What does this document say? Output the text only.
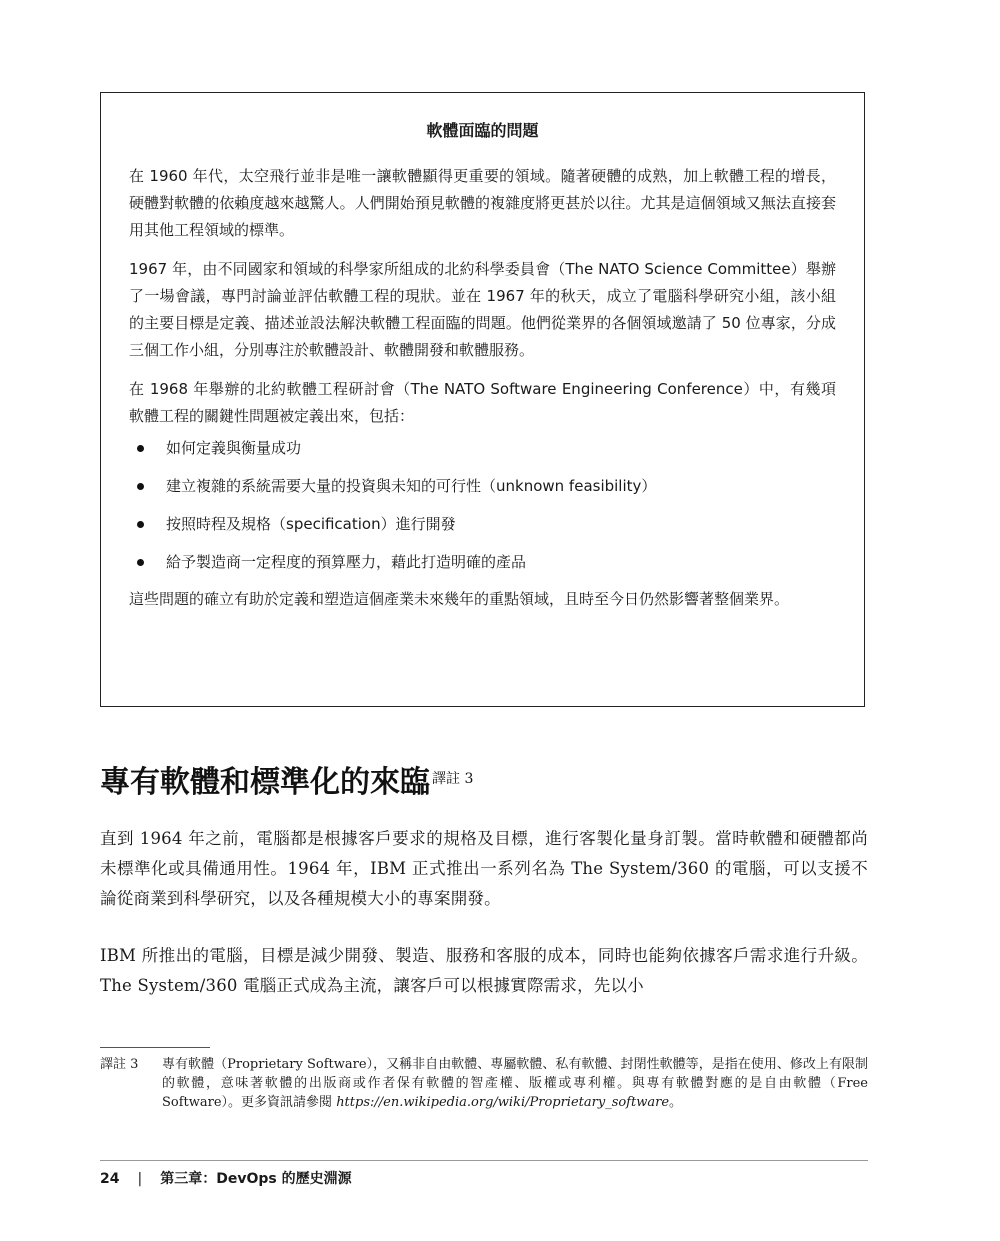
軟體面臨的問題

在 1960 年代，太空飛行並非是唯一讓軟體顯得更重要的領域。隨著硬體的成熟，加上軟體工程的增長，硬體對軟體的依賴度越來越驚人。人們開始預見軟體的複雜度將更甚於以往。尤其是這個領域又無法直接套用其他工程領域的標準。

1967 年，由不同國家和領域的科學家所組成的北約科學委員會（The NATO Science Committee）舉辦了一場會議，專門討論並評估軟體工程的現狀。並在 1967 年的秋天，成立了電腦科學研究小組，該小組的主要目標是定義、描述並設法解決軟體工程面臨的問題。他們從業界的各個領域邀請了 50 位專家，分成三個工作小組，分別專注於軟體設計、軟體開發和軟體服務。

在 1968 年舉辦的北約軟體工程研討會（The NATO Software Engineering Conference）中，有幾項軟體工程的關鍵性問題被定義出來，包括：

如何定義與衡量成功
建立複雜的系統需要大量的投資與未知的可行性（unknown feasibility）
按照時程及規格（specification）進行開發
給予製造商一定程度的預算壓力，藉此打造明確的產品

這些問題的確立有助於定義和塑造這個產業未來幾年的重點領域，且時至今日仍然影響著整個業界。

專有軟體和標準化的來臨 $^{譯註 3}$

直到 1964 年之前，電腦都是根據客戶要求的規格及目標，進行客製化量身訂製。當時軟體和硬體都尚未標準化或具備通用性。1964 年，IBM 正式推出一系列名為 The System/360 的電腦，可以支援不論從商業到科學研究，以及各種規模大小的專案開發。

IBM 所推出的電腦，目標是減少開發、製造、服務和客服的成本，同時也能夠依據客戶需求進行升級。The System/360 電腦正式成為主流，讓客戶可以根據實際需求，先以小

譯註 3	專有軟體（Proprietary Software），又稱非自由軟體、專屬軟體、私有軟體、封閉性軟體等，是指在使用、修改上有限制的軟體，意味著軟體的出版商或作者保有軟體的智產權、版權或專利權。與專有軟體對應的是自由軟體（Free Software）。更多資訊請參閱 https://en.wikipedia.org/wiki/Proprietary_software。
24 | 第三章：DevOps 的歷史淵源
